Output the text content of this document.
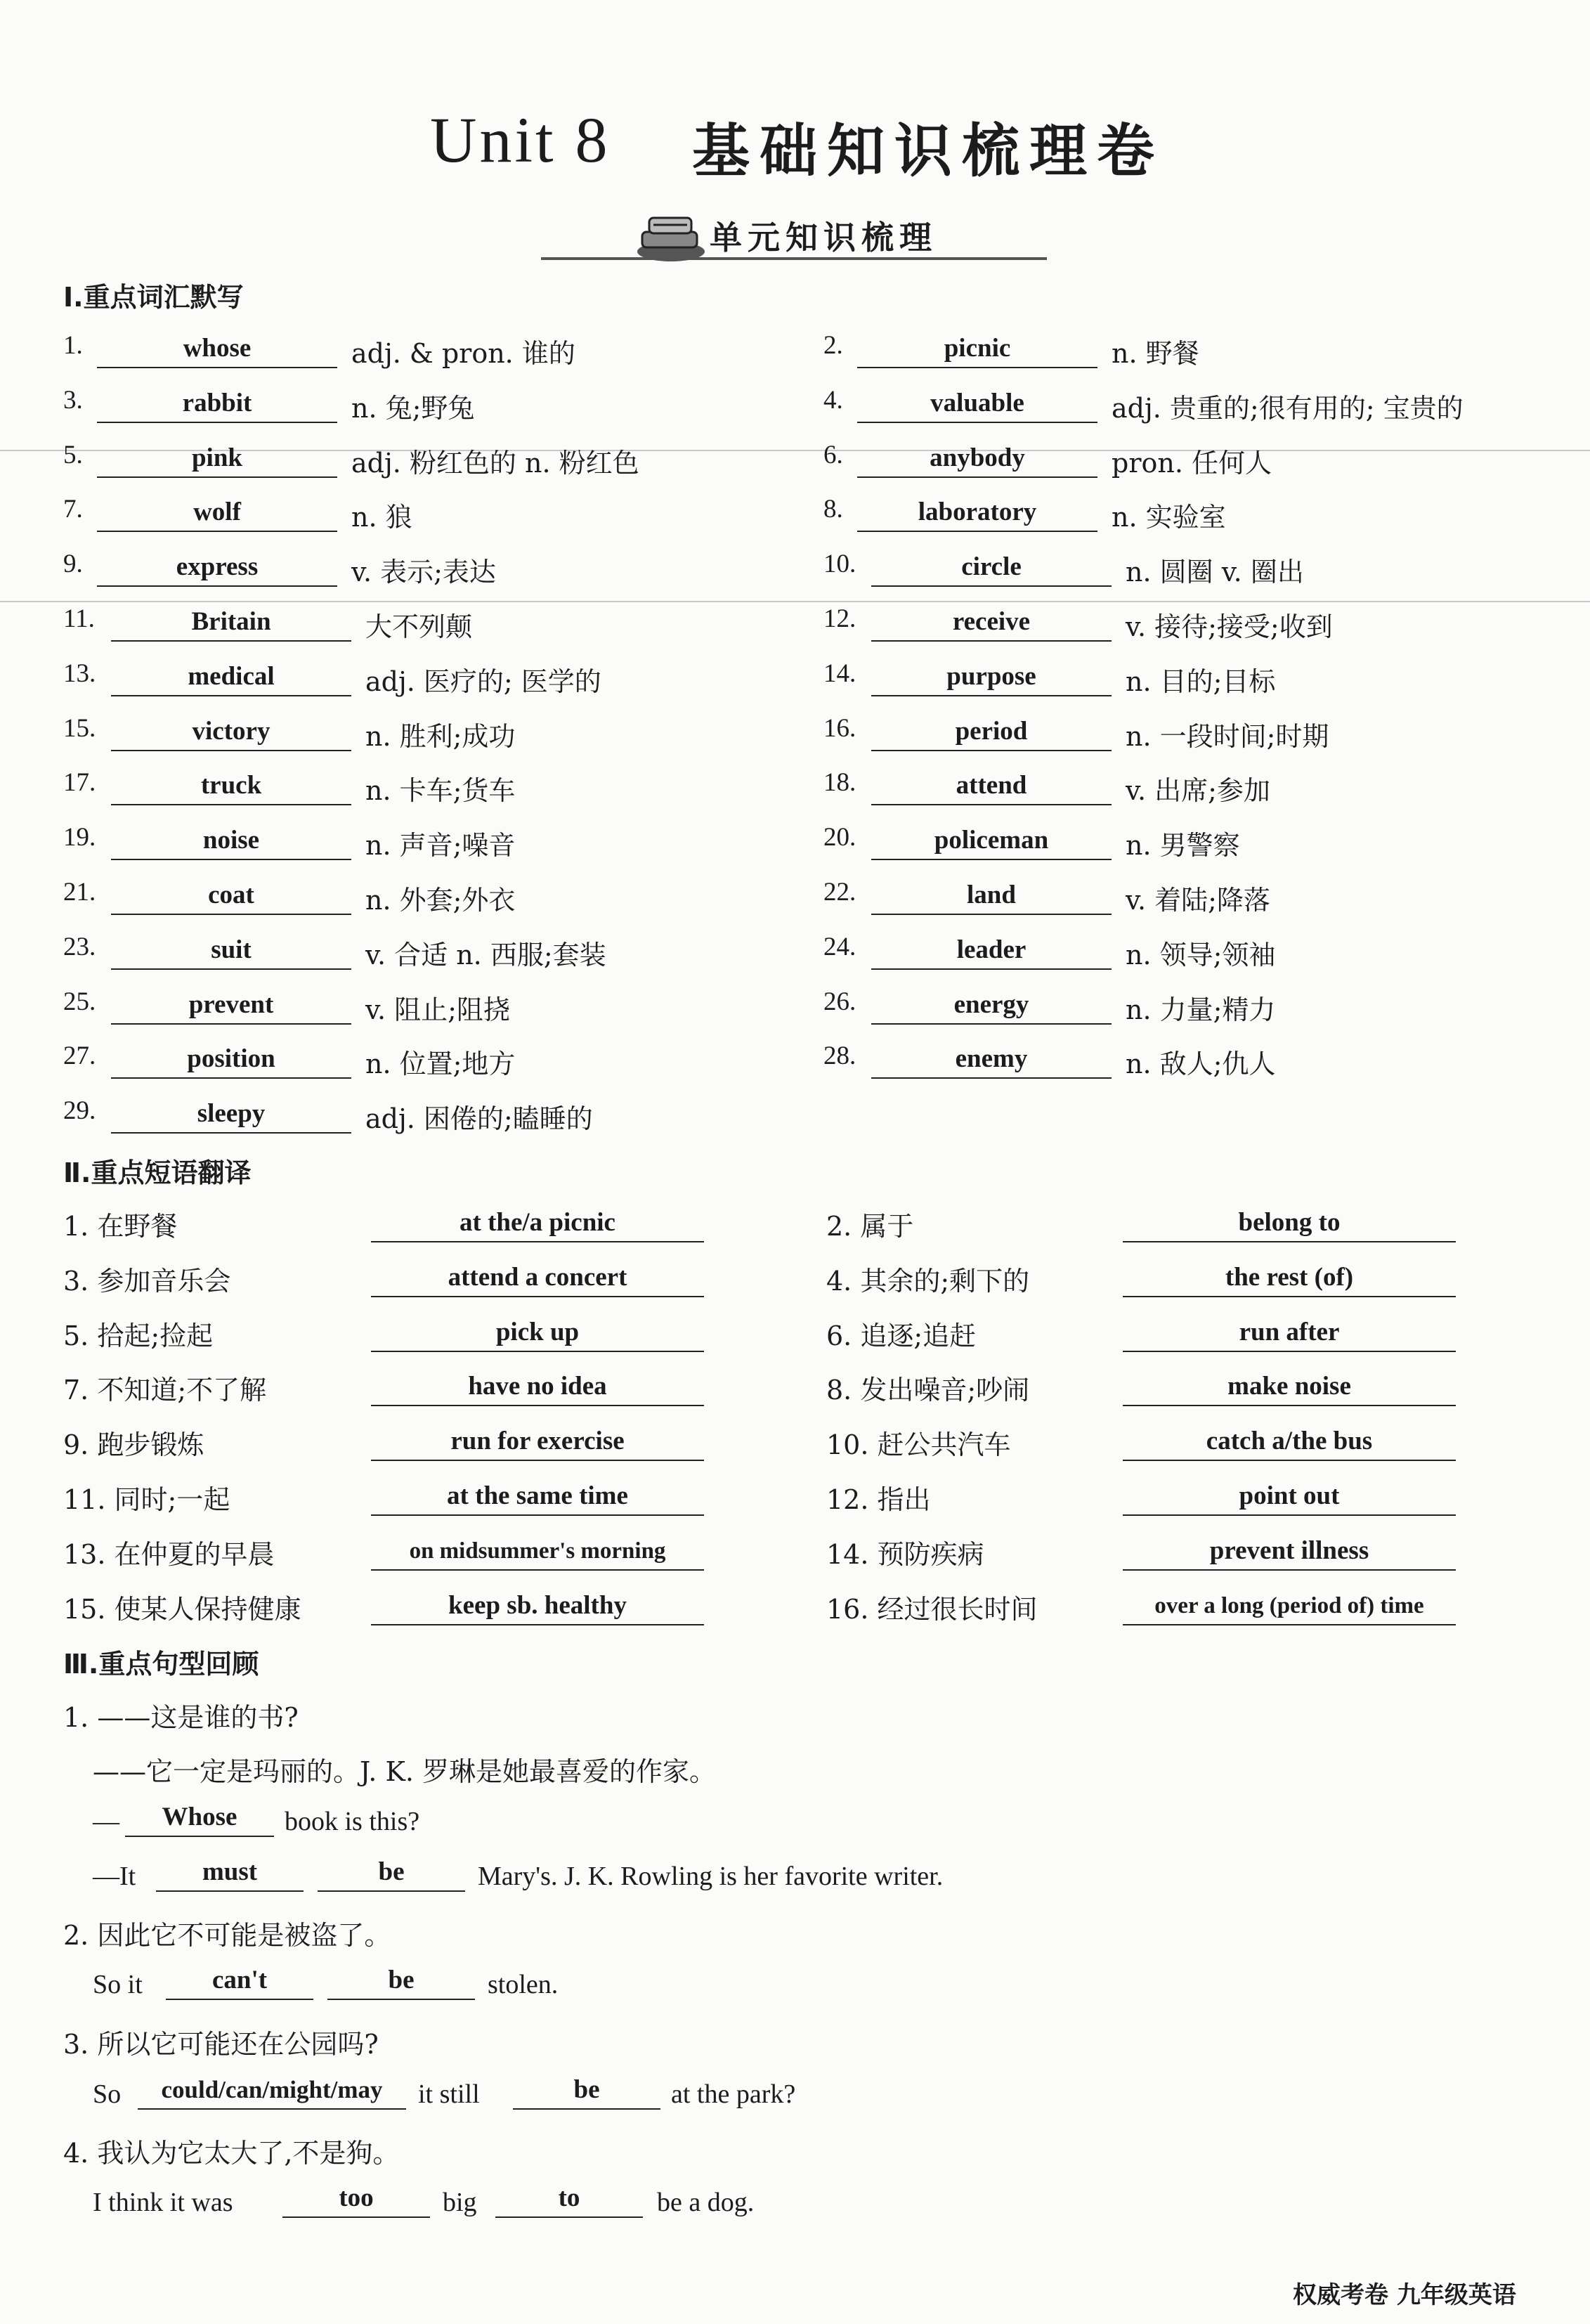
Unit 8 基础知识梳理卷
单元知识梳理
Ⅰ.重点词汇默写
1.	whose	adj. & pron. 谁的	2.	picnic	n. 野餐
3.	rabbit	n. 兔;野兔	4.	valuable	adj. 贵重的;很有用的; 宝贵的
5.	pink	adj. 粉红色的 n. 粉红色	6.	anybody	pron. 任何人
7.	wolf	n. 狼	8.	laboratory	n. 实验室
9.	express	v. 表示;表达	10.	circle	n. 圆圈 v. 圈出
11.	Britain	大不列颠	12.	receive	v. 接待;接受;收到
13.	medical	adj. 医疗的; 医学的	14.	purpose	n. 目的;目标
15.	victory	n. 胜利;成功	16.	period	n. 一段时间;时期
17.	truck	n. 卡车;货车	18.	attend	v. 出席;参加
19.	noise	n. 声音;噪音	20.	policeman	n. 男警察
21.	coat	n. 外套;外衣	22.	land	v. 着陆;降落
23.	suit	v. 合适 n. 西服;套装	24.	leader	n. 领导;领袖
25.	prevent	v. 阻止;阻挠	26.	energy	n. 力量;精力
27.	position	n. 位置;地方	28.	enemy	n. 敌人;仇人
29.	sleepy	adj. 困倦的;瞌睡的
Ⅱ.重点短语翻译
1. 在野餐	at the/a picnic	2. 属于	belong to
3. 参加音乐会	attend a concert	4. 其余的;剩下的	the rest (of)
5. 拾起;捡起	pick up	6. 追逐;追赶	run after
7. 不知道;不了解	have no idea	8. 发出噪音;吵闹	make noise
9. 跑步锻炼	run for exercise	10. 赶公共汽车	catch a/the bus
11. 同时;一起	at the same time	12. 指出	point out
13. 在仲夏的早晨	on midsummer's morning	14. 预防疾病	prevent illness
15. 使某人保持健康	keep sb. healthy	16. 经过很长时间	over a long (period of) time
Ⅲ.重点句型回顾
1. ——这是谁的书?
——它一定是玛丽的。J. K. 罗琳是她最喜爱的作家。
—	Whose	book is this?
—It	must	be	Mary's. J. K. Rowling is her favorite writer.
2. 因此它不可能是被盗了。
So it	can't	be	stolen.
3. 所以它可能还在公园吗?
So	could/can/might/may	it still	be	at the park?
4. 我认为它太大了,不是狗。
I think it was	too	big	to	be a dog.
权威考卷 九年级英语
